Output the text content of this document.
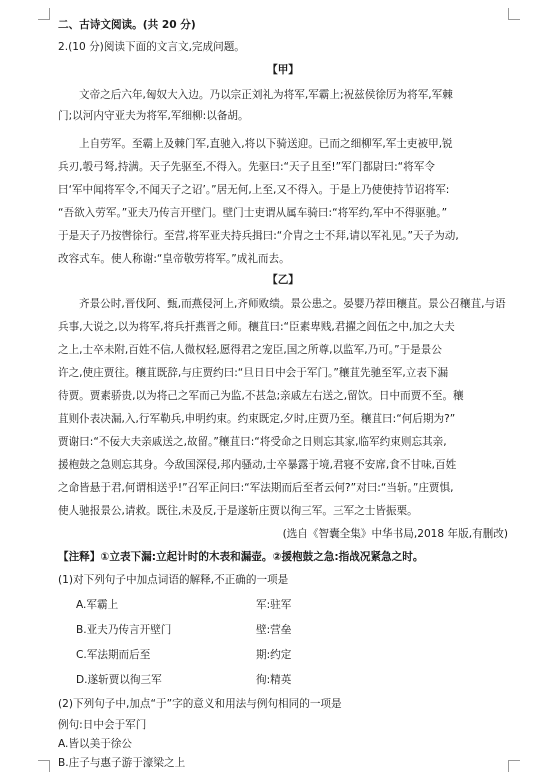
二、古诗文阅读。(共 20 分)
2.(10 分)阅读下面的文言文,完成问题。
【甲】
文帝之后六年,匈奴大入边。乃以宗正刘礼为将军,军霸上;祝兹侯徐厉为将军,军棘
门;以河内守亚夫为将军,军细柳:以备胡。
上自劳军。至霸上及棘门军,直驰入,将以下骑送迎。已而之细柳军,军士吏被甲,锐
兵刃,彀弓弩,持满。天子先驱至,不得入。先驱曰:“天子且至!”军门都尉曰:“将军令
曰‘军中闻将军令,不闻天子之诏’。”居无何,上至,又不得入。于是上乃使使持节诏将军:
“吾欲入劳军。”亚夫乃传言开壁门。壁门士吏谓从属车骑曰:“将军约,军中不得驱驰。”
于是天子乃按辔徐行。至营,将军亚夫持兵揖曰:“介胄之士不拜,请以军礼见。”天子为动,
改容式车。使人称谢:“皇帝敬劳将军。”成礼而去。
【乙】
齐景公时,晋伐阿、甄,而燕侵河上,齐师败绩。景公患之。晏婴乃荐田穰苴。景公召穰苴,与语
兵事,大说之,以为将军,将兵扞燕晋之师。穰苴曰:“臣素卑贱,君擢之闾伍之中,加之大夫
之上,士卒未附,百姓不信,人微权轻,愿得君之宠臣,国之所尊,以监军,乃可。”于是景公
许之,使庄贾往。穰苴既辞,与庄贾约曰:“旦日日中会于军门。”穰苴先驰至军,立表下漏
待贾。贾素骄贵,以为将己之军而己为监,不甚急;亲戚左右送之,留饮。日中而贾不至。穰
苴则仆表决漏,入,行军勒兵,申明约束。约束既定,夕时,庄贾乃至。穰苴曰:“何后期为?”
贾谢曰:“不佞大夫亲戚送之,故留。”穰苴曰:“将受命之日则忘其家,临军约束则忘其亲,
援枹鼓之急则忘其身。今敌国深侵,邦内骚动,士卒暴露于境,君寝不安席,食不甘味,百姓
之命皆悬于君,何谓相送乎!”召军正问曰:“军法期而后至者云何?”对曰:“当斩。”庄贾惧,
使人驰报景公,请救。既往,未及反,于是遂斩庄贾以徇三军。三军之士皆振栗。
(选自《智囊全集》中华书局,2018 年版,有删改)
【注释】①立表下漏:立起计时的木表和漏壶。②援枹鼓之急:指战况紧急之时。
(1)对下列句子中加点词语的解释,不正确的一项是
A.军霸上	军:驻军
B.亚夫乃传言开壁门	壁:营垒
C.军法期而后至	期:约定
D.遂斩贾以徇三军	徇:精英
(2)下列句子中,加点“于”字的意义和用法与例句相同的一项是
例句:日中会于军门
A.皆以美于徐公
B.庄子与惠子游于濠梁之上
